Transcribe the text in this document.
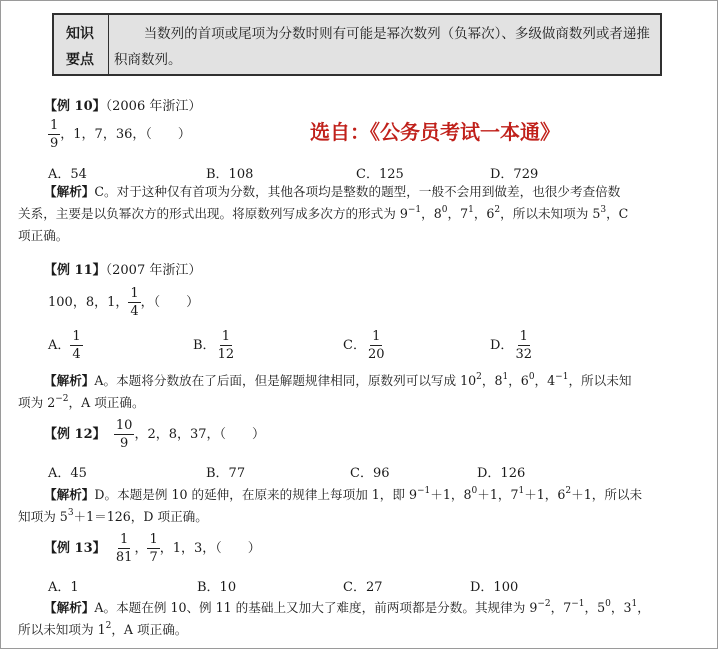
知识
要点
当数列的首项或尾项为分数时则有可能是幂次数列（负幂次）、多级做商数列或者递推积商数列。
【例 10】（2006 年浙江）
选自：《公务员考试一本通》
$\frac{1}{9}$ ，1，7，36，（　　）
A．54	B．108	C．125	D．729
【解析】C。对于这种仅有首项为分数，其他各项均是整数的题型，一般不会用到做差，也很少考查倍数
关系，主要是以负幂次方的形式出现。将原数列写成多次方的形式为 $9^{-1}$，$8^0$，$7^1$，$6^2$，所以未知项为 $5^3$，C
项正确。
【例 11】（2007 年浙江）
100，8，1， $\frac{1}{4}$ ，（　　）
A． $\frac{1}{4}$	B． $\frac{1}{12}$	C． $\frac{1}{20}$	D． $\frac{1}{32}$
【解析】A。本题将分数放在了后面，但是解题规律相同，原数列可以写成 $10^2$，$8^1$，$6^0$，$4^{-1}$，所以未知
项为 $2^{-2}$，A 项正确。
【例 12】 $\frac{10}{9}$ ，2，8，37，（　　）
A．45	B．77	C．96	D．126
【解析】D。本题是例 10 的延伸，在原来的规律上每项加 1，即 $9^{-1}+1$，$8^0+1$，$7^1+1$，$6^2+1$，所以未
知项为 $5^3+1=126$，D 项正确。
【例 13】 $\frac{1}{81}$ ， $\frac{1}{7}$ ，1，3，（　　）
A．1	B．10	C．27	D．100
【解析】A。本题在例 10、例 11 的基础上又加大了难度，前两项都是分数。其规律为 $9^{-2}$，$7^{-1}$，$5^0$，$3^1$，
所以未知项为 $1^2$，A 项正确。
